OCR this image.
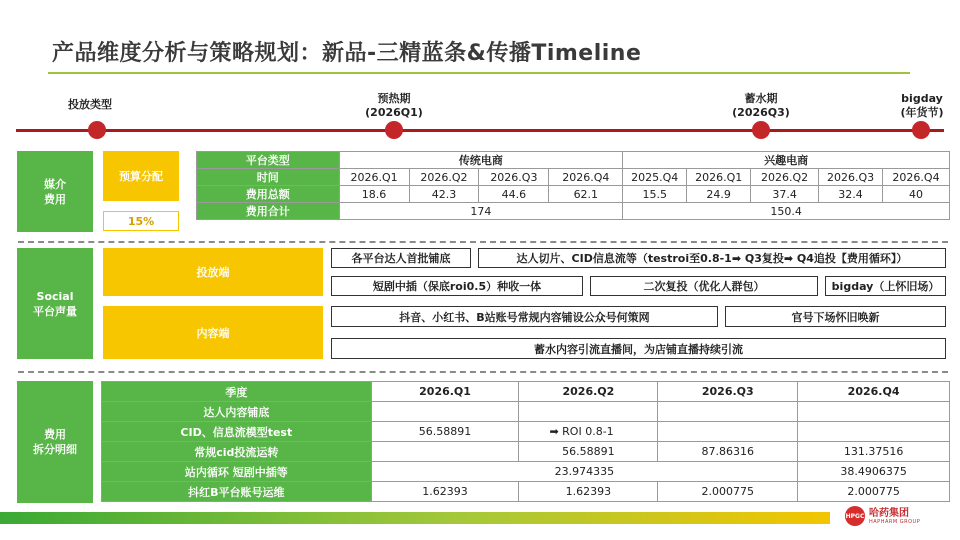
产品维度分析与策略规划：新品-三精蓝条&传播Timeline
投放类型	预热期
(2026Q1)
蓄水期
(2026Q3)
bigday
(年货节)
媒介
费用
预算分配
15%
平台类型	传统电商				兴趣电商				
时间	2026.Q1	2026.Q2	2026.Q3	2026.Q4	2025.Q4	2026.Q1	2026.Q2	2026.Q3	2026.Q4
费用总额	18.6	42.3	44.6	62.1	15.5	24.9	37.4	32.4	40
费用合计	174				150.4				
Social
平台声量
投放端
内容端
各平台达人首批铺底	达人切片、CID信息流等（testroi至0.8-1➡ Q3复投➡ Q4追投【费用循环】）
短剧中插（保底roi0.5）种收一体	二次复投（优化人群包）	bigday（上怀旧场）
抖音、小红书、B站账号常规内容铺设公众号何策网	官号下场怀旧唤新
蓄水内容引流直播间，为店铺直播持续引流
费用
拆分明细
季度	2026.Q1	2026.Q2	2026.Q3	2026.Q4
达人内容铺底				
CID、信息流模型test	56.58891	➡ ROI 0.8-1		
常规cid投流运转		56.58891	87.86316	131.37516
站内循环 短剧中插等	23.974335			38.4906375
抖红B平台账号运维	1.62393	1.62393	2.000775	2.000775
HPGC 哈药集团
HAPHARM GROUP
